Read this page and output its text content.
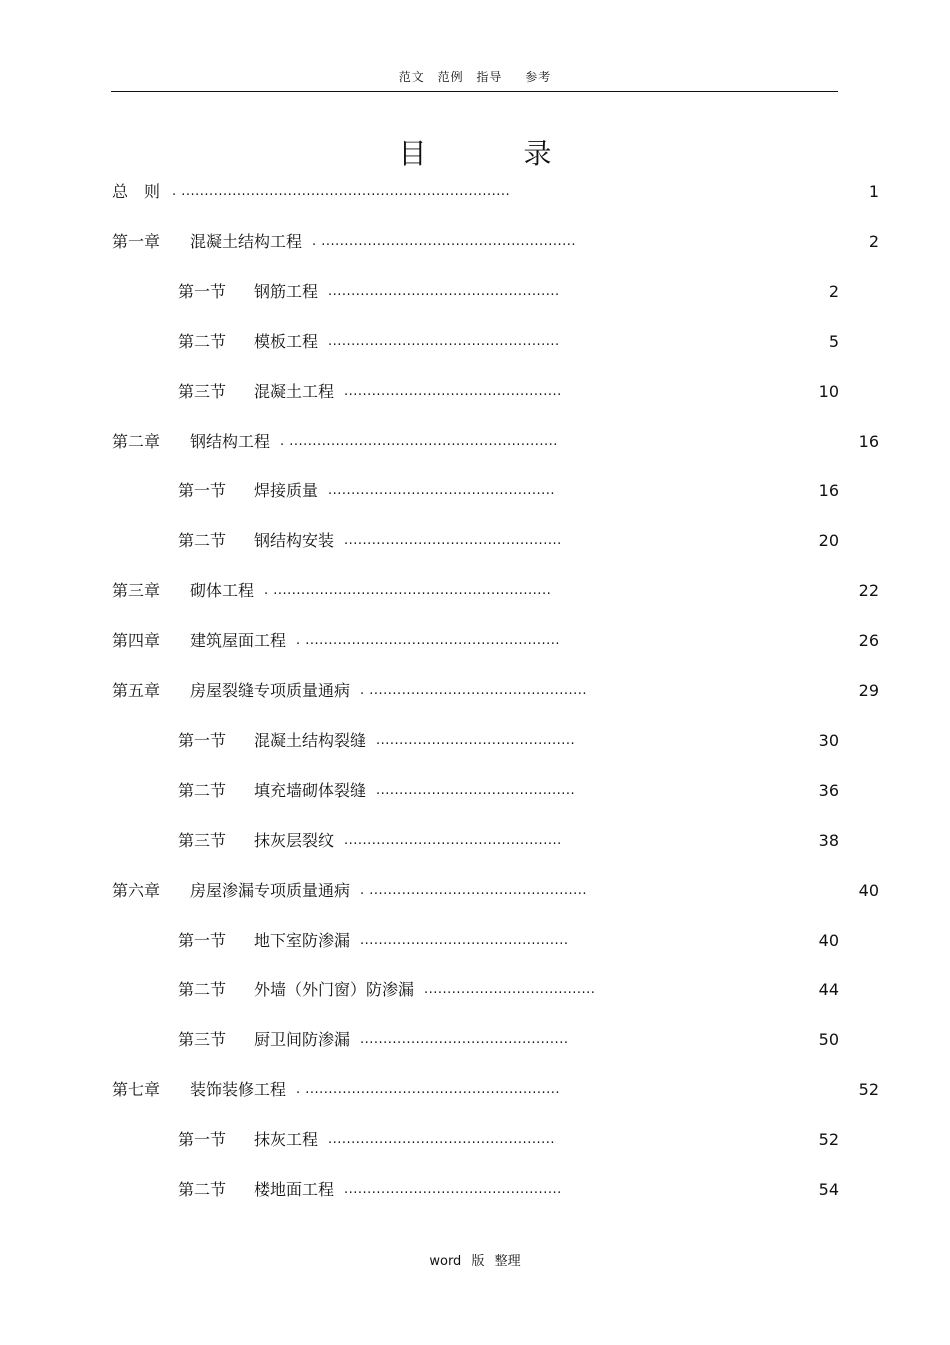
范文 范例 指导 参考
目 录
总　则 . .......................................................................	1
第一章 混凝土结构工程 . .......................................................	2
第一节 钢筋工程 ..................................................	2
第二节 模板工程 ..................................................	5
第三节 混凝土工程 ...............................................	10
第二章 钢结构工程 . ..........................................................	16
第一节 焊接质量 .................................................	16
第二节 钢结构安装 ...............................................	20
第三章 砌体工程 . ............................................................	22
第四章 建筑屋面工程 . .......................................................	26
第五章 房屋裂缝专项质量通病 . ...............................................	29
第一节 混凝土结构裂缝 ...........................................	30
第二节 填充墙砌体裂缝 ...........................................	36
第三节 抹灰层裂纹 ...............................................	38
第六章 房屋渗漏专项质量通病 . ...............................................	40
第一节 地下室防渗漏 .............................................	40
第二节 外墙（外门窗）防渗漏 .....................................	44
第三节 厨卫间防渗漏 .............................................	50
第七章 装饰装修工程 . .......................................................	52
第一节 抹灰工程 .................................................	52
第二节 楼地面工程 ...............................................	54
word 版 整理
